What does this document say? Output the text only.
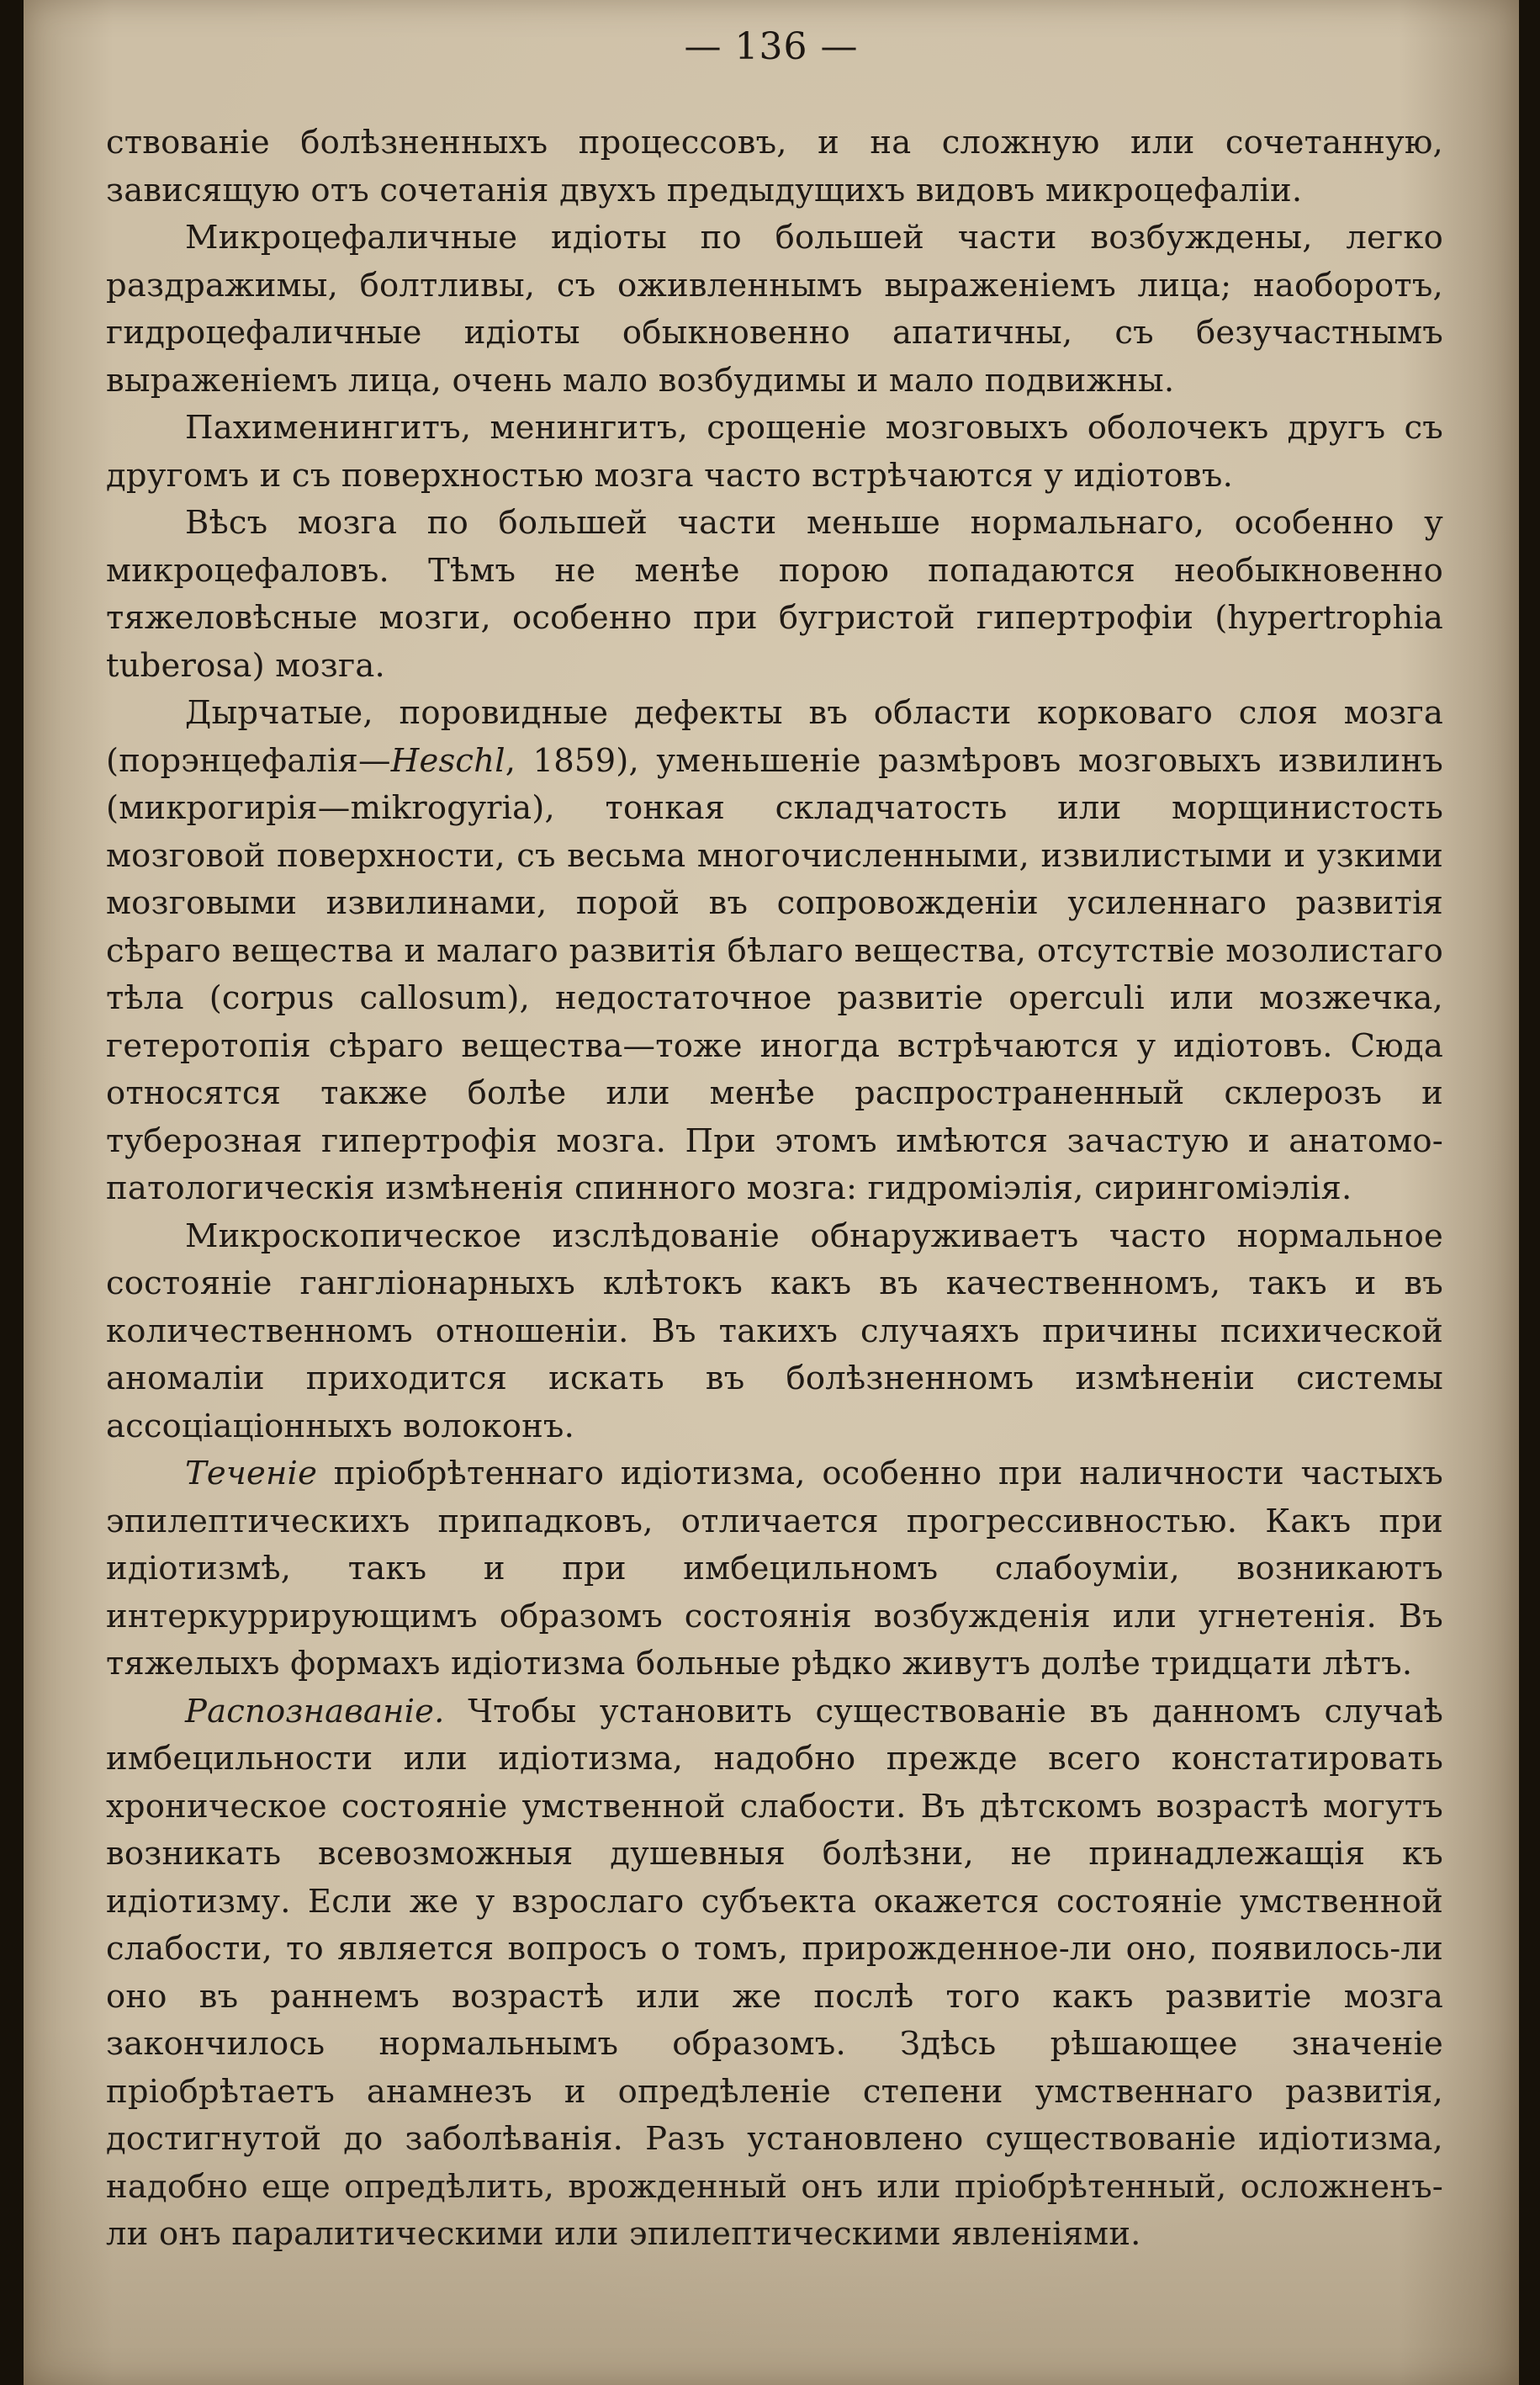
— 136 —

ствованіе болѣзненныхъ процессовъ, и на сложную или сочетанную, зависящую отъ сочетанія двухъ предыдущихъ видовъ микроцефаліи.

Микроцефаличные идіоты по большей части возбуждены, легко раздражимы, болтливы, съ оживленнымъ выраженіемъ лица; наоборотъ, гидроцефаличные идіоты обыкновенно апатичны, съ безучастнымъ выраженіемъ лица, очень мало возбудимы и мало подвижны.

Пахименингитъ, менингитъ, срощеніе мозговыхъ оболочекъ другъ съ другомъ и съ поверхностью мозга часто встрѣчаются у идіотовъ.

Вѣсъ мозга по большей части меньше нормальнаго, особенно у микроцефаловъ. Тѣмъ не менѣе порою попадаются необыкновенно тяжеловѣсные мозги, особенно при бугристой гипертрофіи (hypertrophia tuberosa) мозга.

Дырчатые, поровидные дефекты въ области корковаго слоя мозга (порэнцефалія—Heschl, 1859), уменьшеніе размѣровъ мозговыхъ извилинъ (микрогирія—mikrogyria), тонкая складчатость или морщинистость мозговой поверхности, съ весьма многочисленными, извилистыми и узкими мозговыми извилинами, порой въ сопровожденіи усиленнаго развитія сѣраго вещества и малаго развитія бѣлаго вещества, отсутствіе мозолистаго тѣла (corpus callosum), недостаточное развитіе operculi или мозжечка, гетеротопія сѣраго вещества—тоже иногда встрѣчаются у идіотовъ. Сюда относятся также болѣе или менѣе распространенный склерозъ и туберозная гипертрофія мозга. При этомъ имѣются зачастую и анатомо-патологическія измѣненія спинного мозга: гидроміэлія, сирингоміэлія.

Микроскопическое изслѣдованіе обнаруживаетъ часто нормальное состояніе гангліонарныхъ клѣтокъ какъ въ качественномъ, такъ и въ количественномъ отношеніи. Въ такихъ случаяхъ причины психической аномаліи приходится искать въ болѣзненномъ измѣненіи системы ассоціаціонныхъ волоконъ.

Теченіе пріобрѣтеннаго идіотизма, особенно при наличности частыхъ эпилептическихъ припадковъ, отличается прогрессивностью. Какъ при идіотизмѣ, такъ и при имбецильномъ слабоуміи, возникаютъ интеркуррирующимъ образомъ состоянія возбужденія или угнетенія. Въ тяжелыхъ формахъ идіотизма больные рѣдко живутъ долѣе тридцати лѣтъ.

Распознаваніе. Чтобы установить существованіе въ данномъ случаѣ имбецильности или идіотизма, надобно прежде всего констатировать хроническое состояніе умственной слабости. Въ дѣтскомъ возрастѣ могутъ возникать всевозможныя душевныя болѣзни, не принадлежащія къ идіотизму. Если же у взрослаго субъекта окажется состояніе умственной слабости, то является вопросъ о томъ, прирожденное-ли оно, появилось-ли оно въ раннемъ возрастѣ или же послѣ того какъ развитіе мозга закончилось нормальнымъ образомъ. Здѣсь рѣшающее значеніе пріобрѣтаетъ анамнезъ и опредѣленіе степени умственнаго развитія, достигнутой до заболѣванія. Разъ установлено существованіе идіотизма, надобно еще опредѣлить, врожденный онъ или пріобрѣтенный, осложненъ-ли онъ паралитическими или эпилептическими явленіями.
